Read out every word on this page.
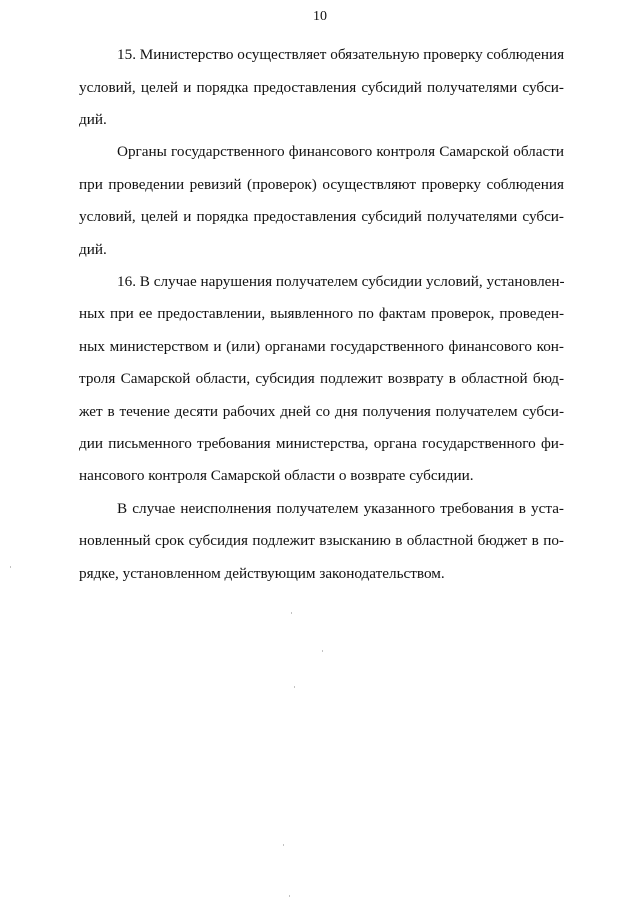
10
15. Министерство осуществляет обязательную проверку соблюдения
условий, целей и порядка предоставления субсидий получателями субси-
дий.
Органы государственного финансового контроля Самарской области
при проведении ревизий (проверок) осуществляют проверку соблюдения
условий, целей и порядка предоставления субсидий получателями субси-
дий.
16. В случае нарушения получателем субсидии условий, установлен-
ных при ее предоставлении, выявленного по фактам проверок, проведен-
ных министерством и (или) органами государственного финансового кон-
троля Самарской области, субсидия подлежит возврату в областной бюд-
жет в течение десяти рабочих дней со дня получения получателем субси-
дии письменного требования министерства, органа государственного фи-
нансового контроля Самарской области о возврате субсидии.
В случае неисполнения получателем указанного требования в уста-
новленный срок субсидия подлежит взысканию в областной бюджет в по-
рядке, установленном действующим законодательством.
